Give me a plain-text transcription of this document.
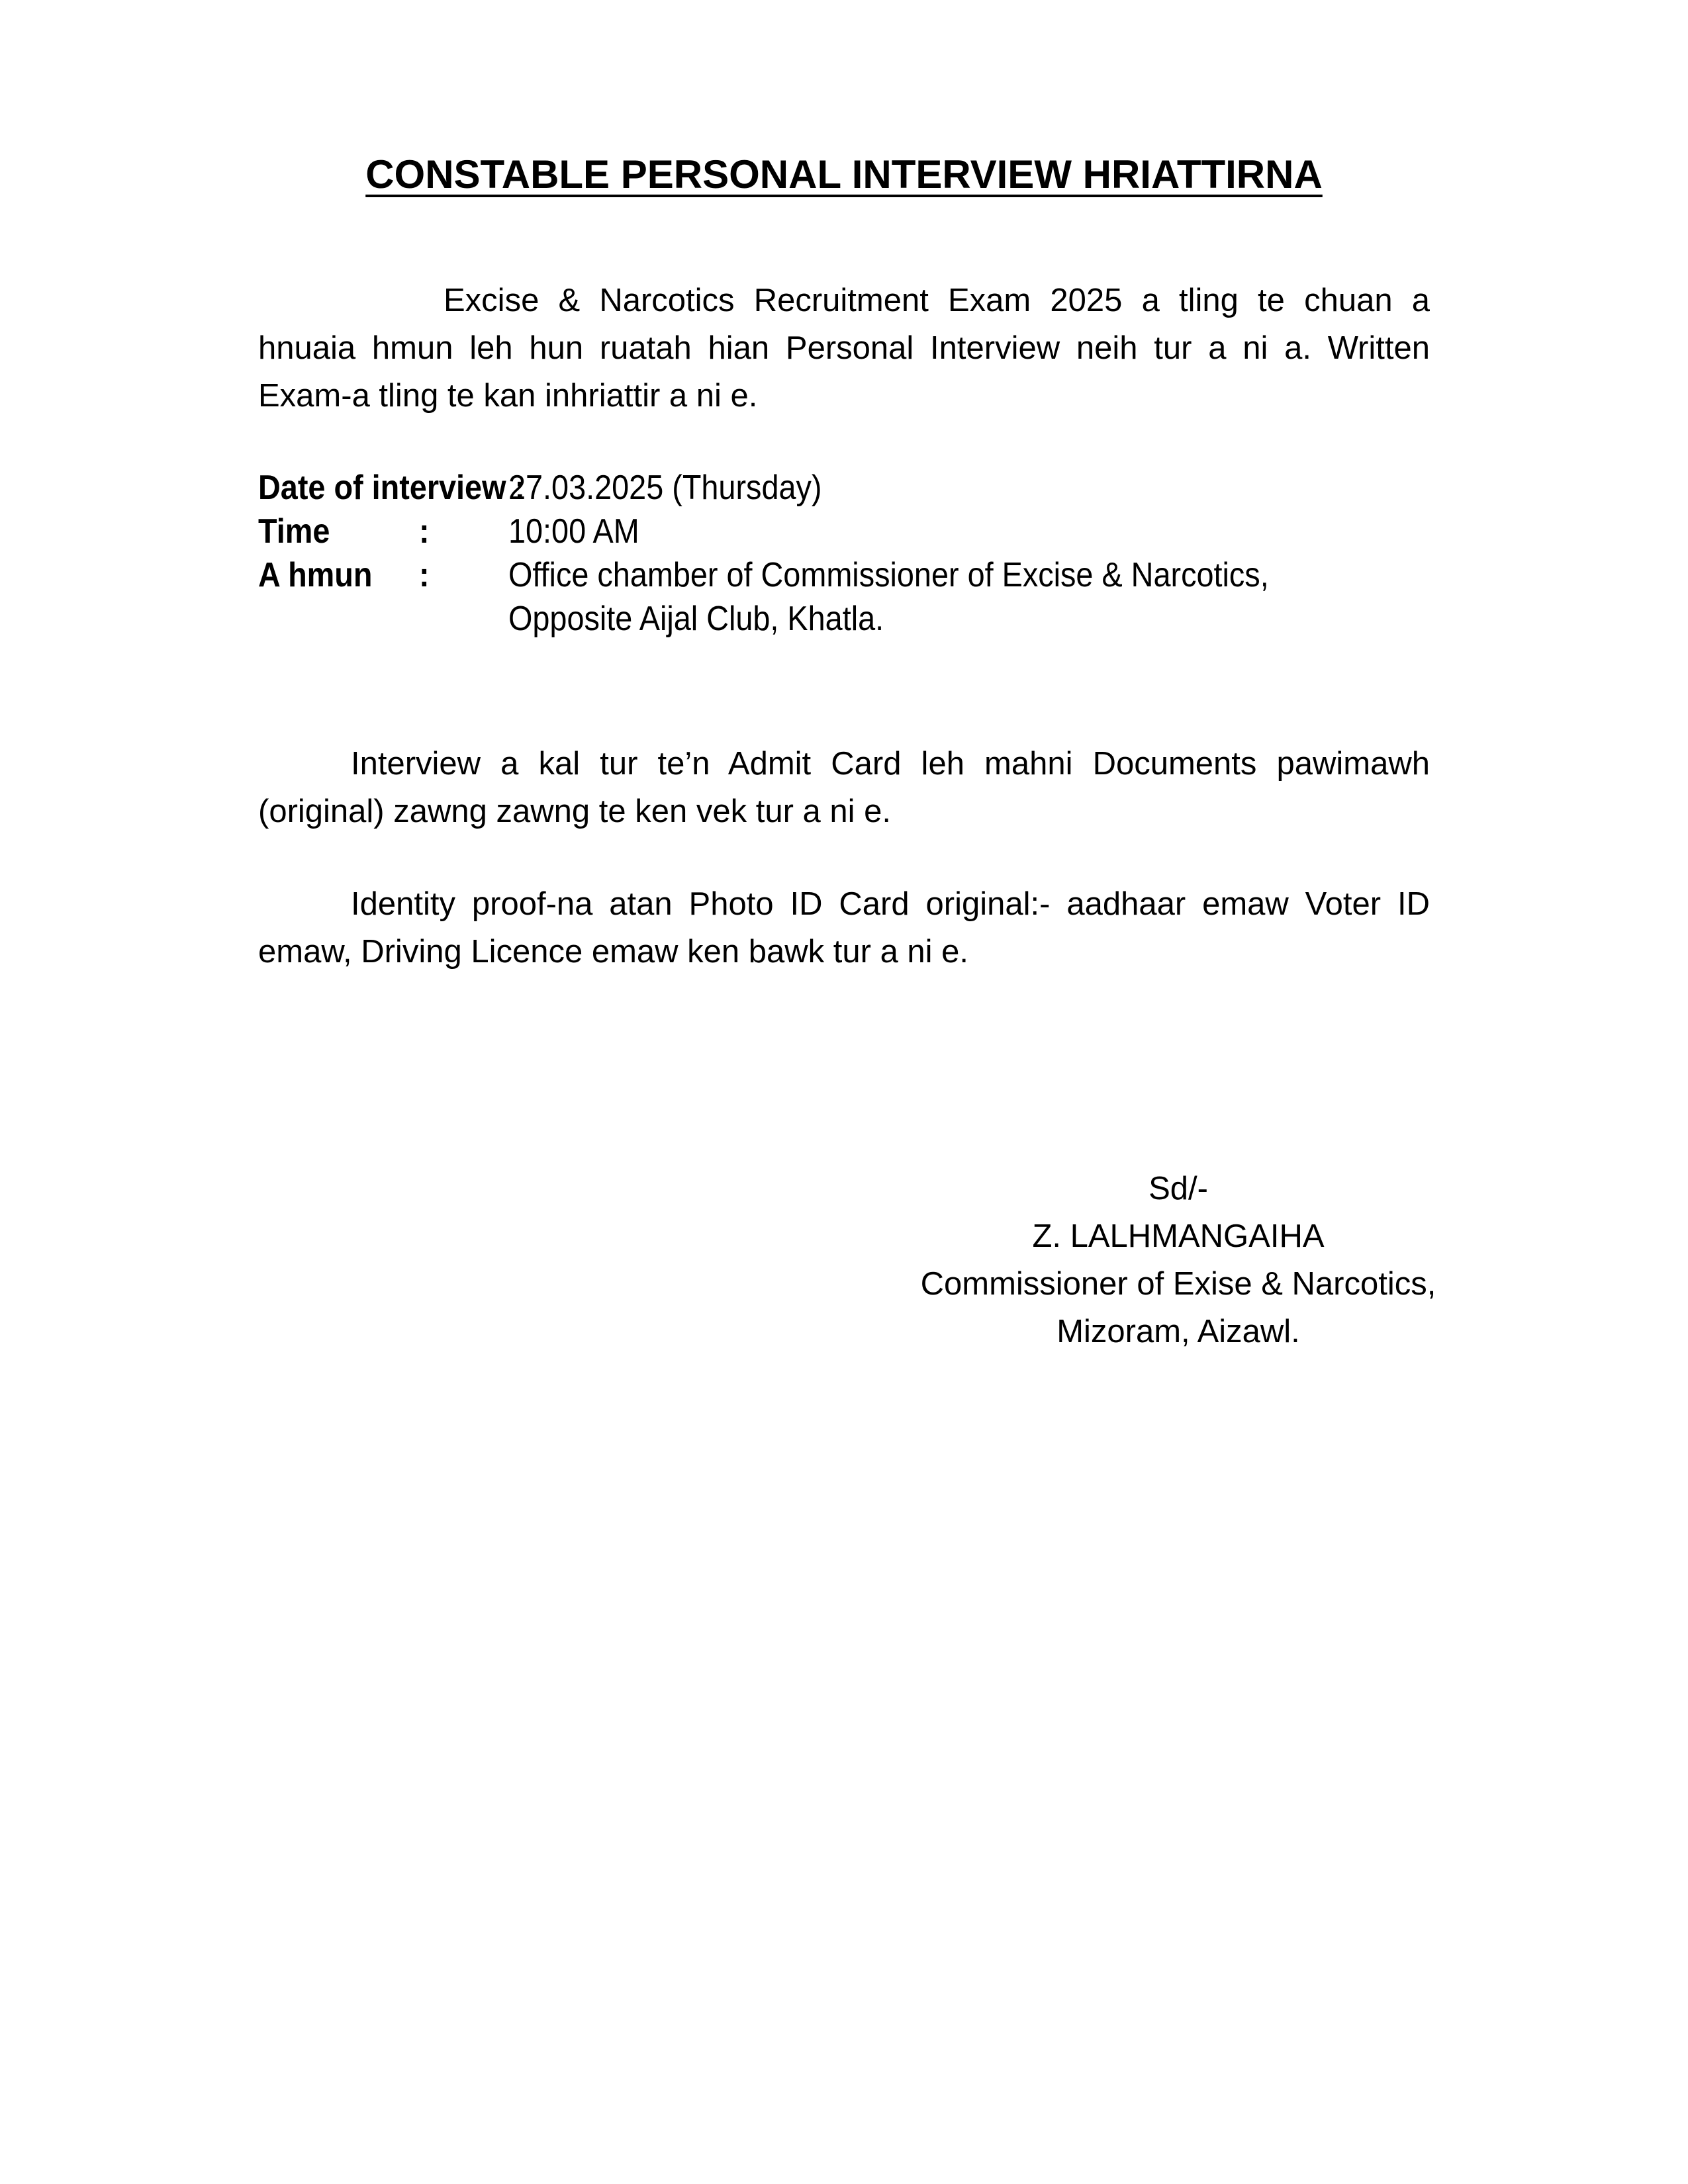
CONSTABLE PERSONAL INTERVIEW HRIATTIRNA

Excise & Narcotics Recruitment Exam 2025 a tling te chuan a hnuaia hmun leh hun ruatah hian Personal Interview neih tur a ni a. Written Exam-a tling te kan inhriattir a ni e.

Date of interview :
27.03.2025 (Thursday)
Time	:	10:00 AM
A hmun	:	Office chamber of Commissioner of Excise & Narcotics,
Opposite Aijal Club, Khatla.

Interview a kal tur te’n Admit Card leh mahni Documents pawimawh (original) zawng zawng te ken vek tur a ni e.

Identity proof-na atan Photo ID Card original:- aadhaar emaw Voter ID emaw, Driving Licence emaw ken bawk tur a ni e.

Sd/-
Z. LALHMANGAIHA
Commissioner of Exise & Narcotics,
Mizoram, Aizawl.
